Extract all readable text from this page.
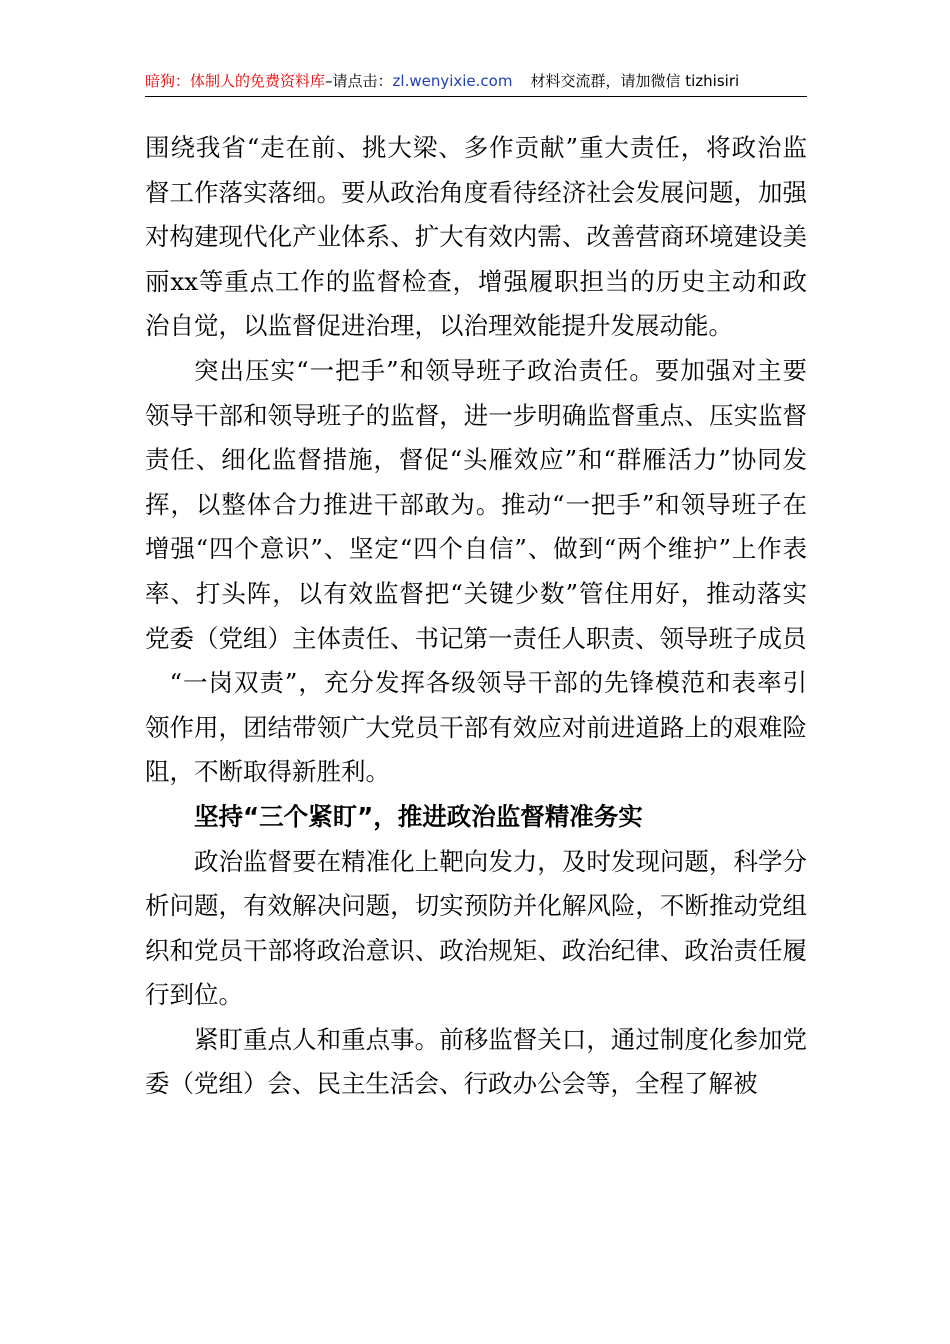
暗狗：体制人的免费资料库–请点击：zl.wenyixie.com 材料交流群，请加微信 tizhisiri

围绕我省“走在前、挑大梁、多作贡献”重大责任，将政治监督工作落实落细。要从政治角度看待经济社会发展问题，加强对构建现代化产业体系、扩大有效内需、改善营商环境建设美丽xx等重点工作的监督检查，增强履职担当的历史主动和政治自觉，以监督促进治理，以治理效能提升发展动能。

突出压实“一把手”和领导班子政治责任。要加强对主要领导干部和领导班子的监督，进一步明确监督重点、压实监督责任、细化监督措施，督促“头雁效应”和“群雁活力”协同发挥，以整体合力推进干部敢为。推动“一把手”和领导班子在增强“四个意识”、坚定“四个自信”、做到“两个维护”上作表率、打头阵，以有效监督把“关键少数”管住用好，推动落实党委（党组）主体责任、书记第一责任人职责、领导班子成员

“一岗双责”，充分发挥各级领导干部的先锋模范和表率引领作用，团结带领广大党员干部有效应对前进道路上的艰难险阻，不断取得新胜利。

坚持“三个紧盯”，推进政治监督精准务实

政治监督要在精准化上靶向发力，及时发现问题，科学分析问题，有效解决问题，切实预防并化解风险，不断推动党组织和党员干部将政治意识、政治规矩、政治纪律、政治责任履行到位。

紧盯重点人和重点事。前移监督关口，通过制度化参加党委（党组）会、民主生活会、行政办公会等，全程了解被
